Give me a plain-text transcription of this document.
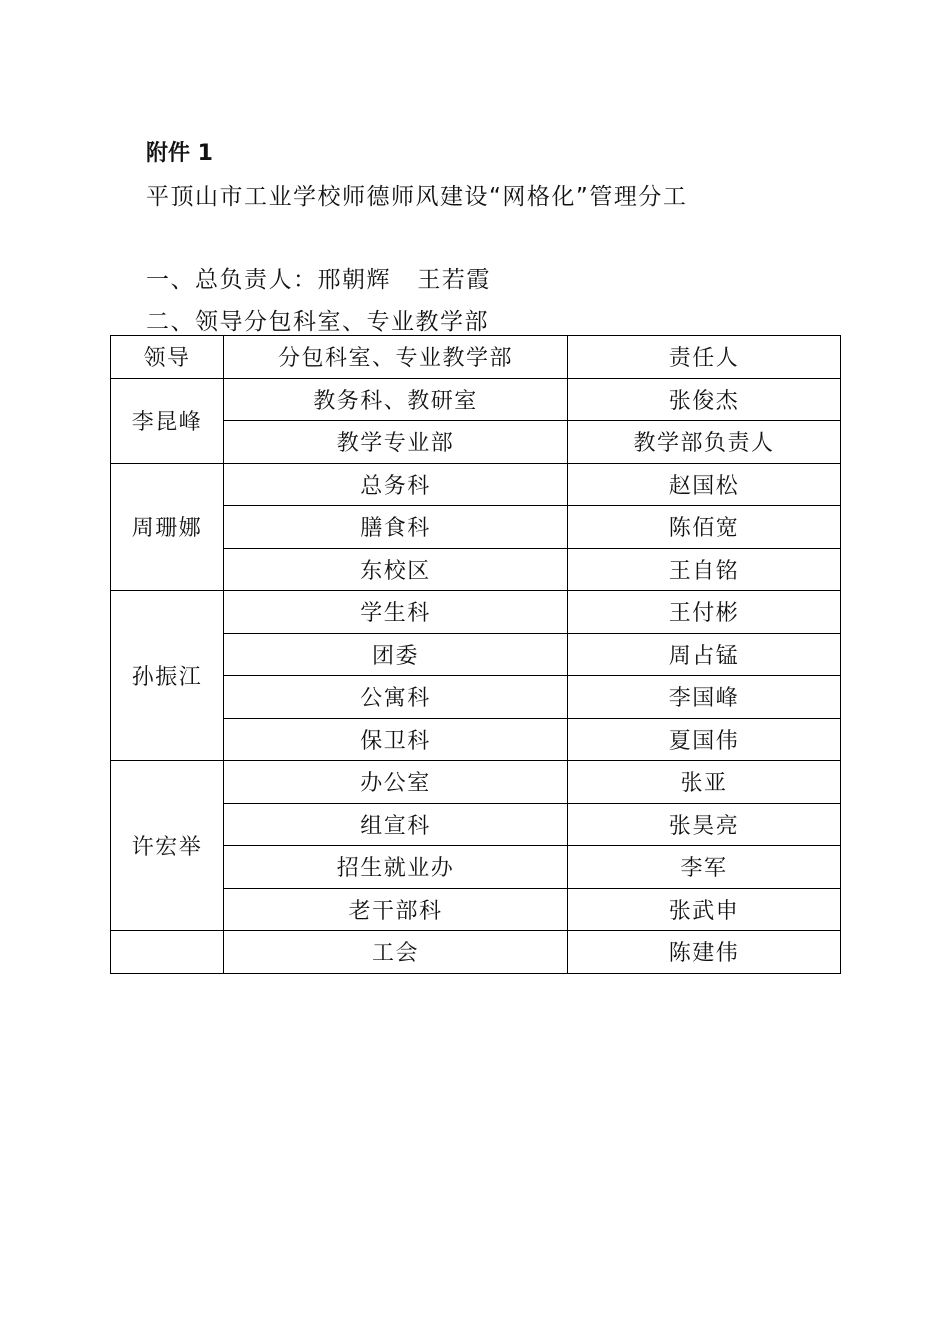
附件 1
平顶山市工业学校师德师风建设“网格化”管理分工
一、总负责人：邢朝辉   王若霞
二、领导分包科室、专业教学部
领导	分包科室、专业教学部	责任人
李昆峰	教务科、教研室	张俊杰
	教学专业部	教学部负责人
周珊娜	总务科	赵国松
	膳食科	陈佰宽
	东校区	王自铭
孙振江	学生科	王付彬
	团委	周占锰
	公寓科	李国峰
	保卫科	夏国伟
许宏举	办公室	张亚
	组宣科	张昊亮
	招生就业办	李军
	老干部科	张武申
	工会	陈建伟
